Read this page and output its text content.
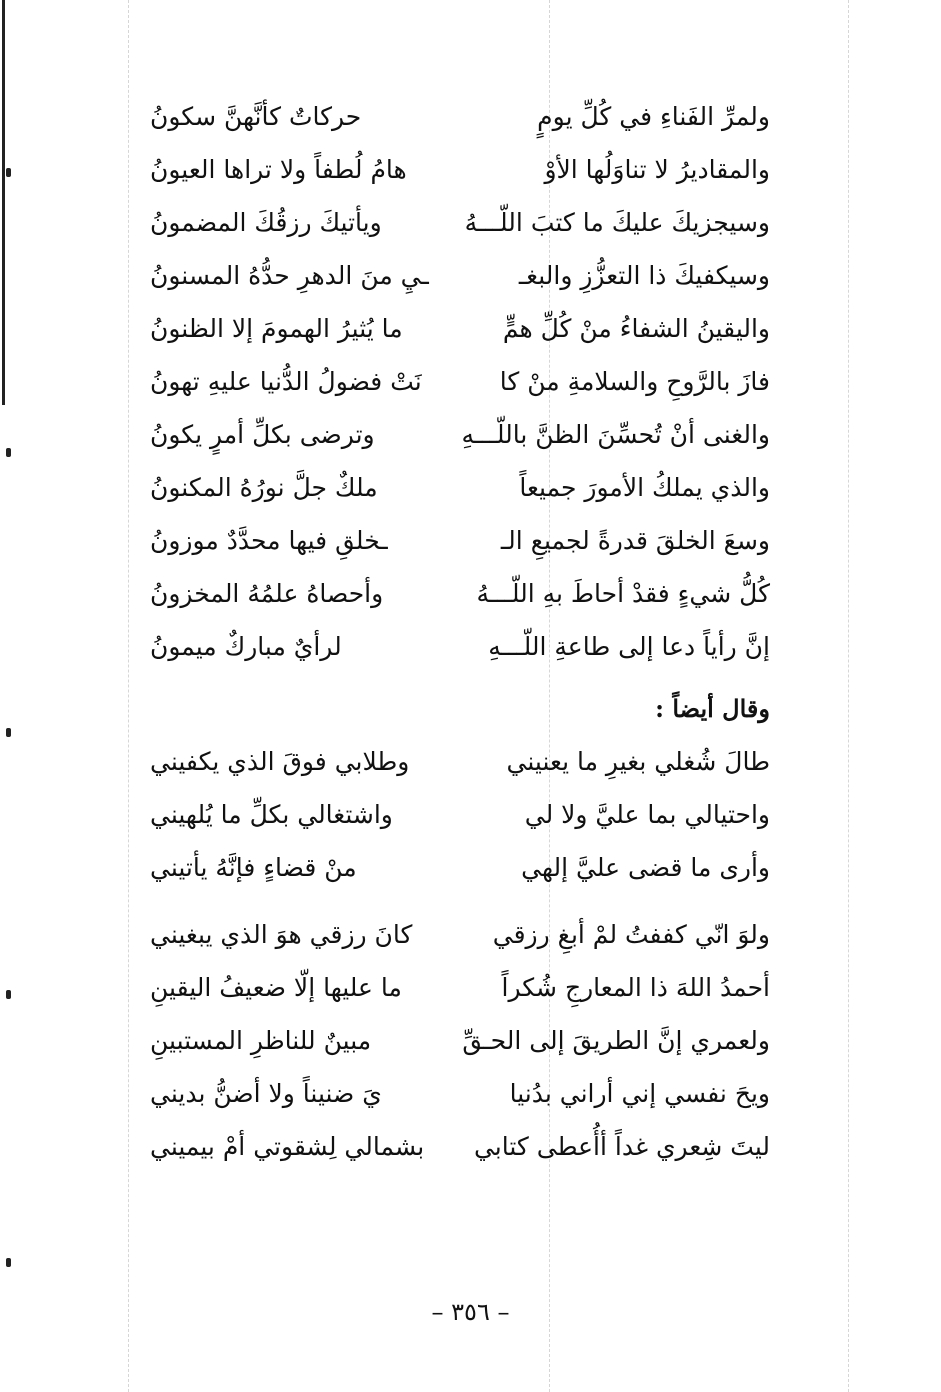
ولمرِّ الفَناءِ في كُلِّ يومٍ
حركاتٌ كأنَّهنَّ سكونُ
والمقاديرُ لا تناوَلُها الأوْ
هامُ لُطفاً ولا تراها العيونُ
وسيجزيكَ عليكَ ما كتبَ اللّـــهُ
ويأتيكَ رزقُكَ المضمونُ
وسيكفيكَ ذا التعزُّزِ والبغـ
ـيِ منَ الدهرِ حدُّهُ المسنونُ
واليقينُ الشفاءُ منْ كُلِّ همٍّ
ما يُثيرُ الهمومَ إلا الظنونُ
فازَ بالرَّوحِ والسلامةِ منْ كا
نَتْ فضولُ الدُّنيا عليهِ تهونُ
والغنى أنْ تُحسِّنَ الظنَّ باللّـــهِ
وترضى بكلِّ أمرٍ يكونُ
والذي يملكُ الأمورَ جميعاً
ملكٌ جلَّ نورُهُ المكنونُ
وسعَ الخلقَ قدرةً لجميعِ الـ
ـخلقِ فيها محدَّدٌ موزونُ
كُلُّ شيءٍ فقدْ أحاطَ بهِ اللّـــهُ
وأحصاهُ علمُهُ المخزونُ
إنَّ رأياً دعا إلى طاعةِ اللّـــهِ
لرأيٌ مباركٌ ميمونُ
وقال أيضاً :
طالَ شُغلي بغيرِ ما يعنيني
وطلابي فوقَ الذي يكفيني
واحتيالي بما عليَّ ولا لي
واشتغالي بكلِّ ما يُلهيني
وأرى ما قضى عليَّ إلهي
منْ قضاءٍ فإنَّهُ يأتيني
ولوَ انّي كففتُ لمْ أبغِ رزقي
كانَ رزقي هوَ الذي يبغيني
أحمدُ اللهَ ذا المعارجِ شُكراً
ما عليها إلّا ضعيفُ اليقينِ
ولعمري إنَّ الطريقَ إلى الحـقِّ
مبينٌ للناظرِ المستبينِ
ويحَ نفسي إني أراني بدُنيا
يَ ضنيناً ولا أضنُّ بديني
ليتَ شِعري غداً أأُعطى كتابي
بشمالي لِشقوتي أمْ بيميني
– ٣٥٦ –
